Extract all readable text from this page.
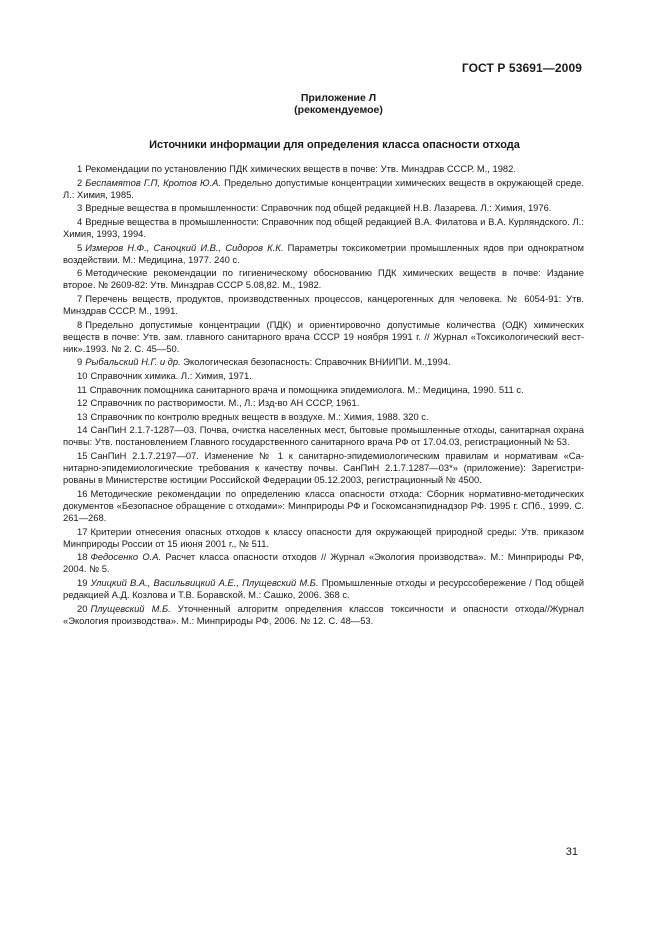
ГОСТ Р 53691—2009
Приложение Л
(рекомендуемое)
Источники информации для определения класса опасности отхода

1 Рекомендации по установлению ПДК химических веществ в почве: Утв. Минздрав СССР. М., 1982.

2 Беспамятов Г.П, Кротов Ю.А. Предельно допустимые концентрации химических веществ в окружающей среде. Л.: Химия, 1985.

3 Вредные вещества в промышленности: Справочник под общей редакцией Н.В. Лазарева. Л.: Химия, 1976.

4 Вредные вещества в промышленности: Справочник под общей редакцией В.А. Филатова и В.А. Курляндского. Л.: Химия, 1993, 1994.

5 Измеров Н.Ф., Саноцкий И.В., Сидоров К.К. Параметры токсикометрии промышленных ядов при однократном воздействии. М.: Медицина, 1977. 240 с.

6 Методические рекомендации по гигиеническому обоснованию ПДК химических веществ в почве: Издание второе. № 2609-82: Утв. Минздрав СССР 5.08,82. М., 1982.

7 Перечень веществ, продуктов, производственных процессов, канцерогенных для человека. № 6054-91: Утв. Минздрав СССР. М., 1991.

8 Предельно допустимые концентрации (ПДК) и ориентировочно допустимые количества (ОДК) химических веществ в почве: Утв. зам. главного санитарного врача СССР 19 ноября 1991 г. // Журнал «Токсикологический вестник».1993. № 2. С. 45—50.

9 Рыбальский Н.Г. и др. Экологическая безопасность: Справочник ВНИИПИ. М.,1994.

10 Справочник химика. Л.: Химия, 1971.

11 Справочник помощника санитарного врача и помощника эпидемиолога. М.: Медицина, 1990. 511 с.

12 Справочник по растворимости. М., Л.: Изд-во АН СССР, 1961.

13 Справочник по контролю вредных веществ в воздухе. М.: Химия, 1988. 320 с.

14 СанПиН 2.1.7-1287—03. Почва, очистка населенных мест, бытовые промышленные отходы, санитарная охрана почвы: Утв. постановлением Главного государственного санитарного врача РФ от 17.04.03, регистрационный № 53.

15 СанПиН 2.1.7.2197—07. Изменение № 1 к санитарно-эпидемиологическим правилам и нормативам «Санитарно-эпидемиологические требования к качеству почвы. СанПиН 2.1.7.1287—03*» (приложение): Зарегистрированы в Министерстве юстиции Российской Федерации 05.12.2003, регистрационный № 4500.

16 Методические рекомендации по определению класса опасности отхода: Сборник нормативно-методических документов «Безопасное обращение с отходами»: Минприроды РФ и Госкомсанэпиднадзор РФ. 1995 г. СПб., 1999. С. 261—268.

17 Критерии отнесения опасных отходов к классу опасности для окружающей природной среды: Утв. приказом Минприроды России от 15 июня 2001 г., № 511.

18 Федосенко О.А. Расчет класса опасности отходов // Журнал «Экология производства». М.: Минприроды РФ, 2004. № 5.

19 Улицкий В.А., Васильвицкий А.Е., Плущевский М.Б. Промышленные отходы и ресурссобережение / Под общей редакцией А.Д. Козлова и Т.В. Боравской. М.: Сашко, 2006. 368 с.

20 Плущевский М.Б. Уточненный алгоритм определения классов токсичности и опасности отхода//Журнал «Экология производства». М.: Минприроды РФ, 2006. № 12. С. 48—53.

31
